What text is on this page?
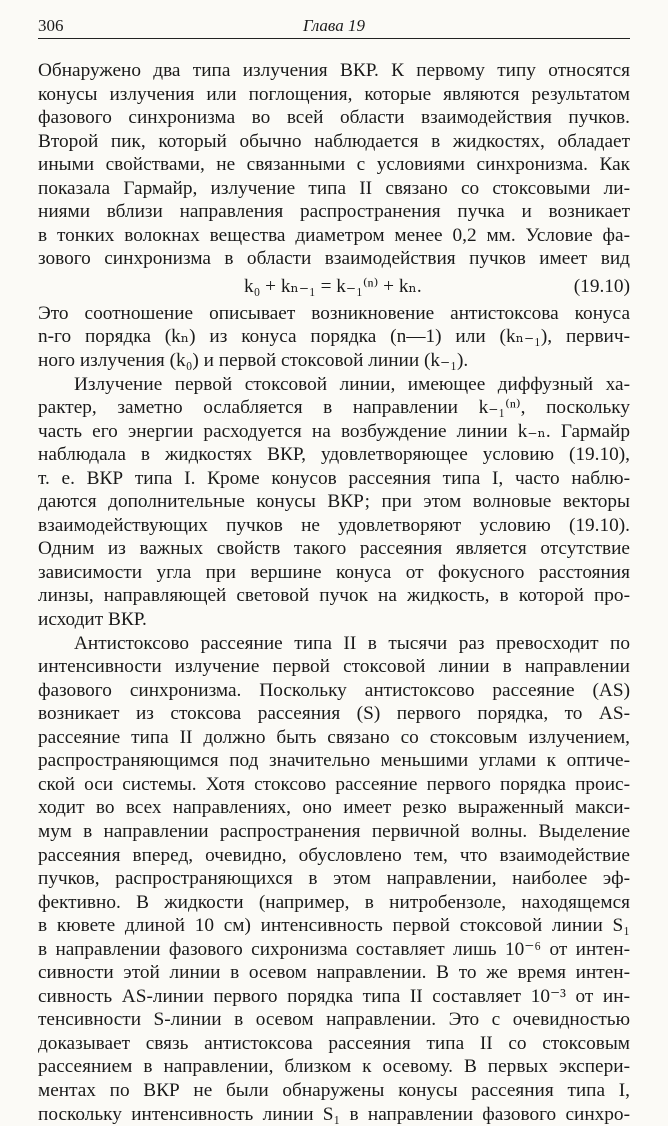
306	Глава 19
Обнаружено два типа излучения ВКР. К первому типу относятся
конусы излучения или поглощения, которые являются результатом
фазового синхронизма во всей области взаимодействия пучков.
Второй пик, который обычно наблюдается в жидкостях, обладает
иными свойствами, не связанными с условиями синхронизма. Как
показала Гармайр, излучение типа II связано со стоксовыми ли-
ниями вблизи направления распространения пучка и возникает
в тонких волокнах вещества диаметром менее 0,2 мм. Условие фа-
зового синхронизма в области взаимодействия пучков имеет вид
k₀ + kₙ₋₁ = k₋₁⁽ⁿ⁾ + kₙ.	(19.10)
Это соотношение описывает возникновение антистоксова конуса
n-го порядка (kₙ) из конуса порядка (n—1) или (kₙ₋₁), первич-
ного излучения (k₀) и первой стоксовой линии (k₋₁).
Излучение первой стоксовой линии, имеющее диффузный ха-
рактер, заметно ослабляется в направлении k₋₁⁽ⁿ⁾, поскольку
часть его энергии расходуется на возбуждение линии k₋ₙ. Гармайр
наблюдала в жидкостях ВКР, удовлетворяющее условию (19.10),
т. е. ВКР типа I. Кроме конусов рассеяния типа I, часто наблю-
даются дополнительные конусы ВКР; при этом волновые векторы
взаимодействующих пучков не удовлетворяют условию (19.10).
Одним из важных свойств такого рассеяния является отсутствие
зависимости угла при вершине конуса от фокусного расстояния
линзы, направляющей световой пучок на жидкость, в которой про-
исходит ВКР.
Антистоксово рассеяние типа II в тысячи раз превосходит по
интенсивности излучение первой стоксовой линии в направлении
фазового синхронизма. Поскольку антистоксово рассеяние (AS)
возникает из стоксова рассеяния (S) первого порядка, то AS-
рассеяние типа II должно быть связано со стоксовым излучением,
распространяющимся под значительно меньшими углами к оптиче-
ской оси системы. Хотя стоксово рассеяние первого порядка проис-
ходит во всех направлениях, оно имеет резко выраженный макси-
мум в направлении распространения первичной волны. Выделение
рассеяния вперед, очевидно, обусловлено тем, что взаимодействие
пучков, распространяющихся в этом направлении, наиболее эф-
фективно. В жидкости (например, в нитробензоле, находящемся
в кювете длиной 10 см) интенсивность первой стоксовой линии S₁
в направлении фазового сихронизма составляет лишь 10⁻⁶ от интен-
сивности этой линии в осевом направлении. В то же время интен-
сивность AS-линии первого порядка типа II составляет 10⁻³ от ин-
тенсивности S-линии в осевом направлении. Это с очевидностью
доказывает связь антистоксова рассеяния типа II со стоксовым
рассеянием в направлении, близком к осевому. В первых экспери-
ментах по ВКР не были обнаружены конусы рассеяния типа I,
поскольку интенсивность линии S₁ в направлении фазового синхро-
